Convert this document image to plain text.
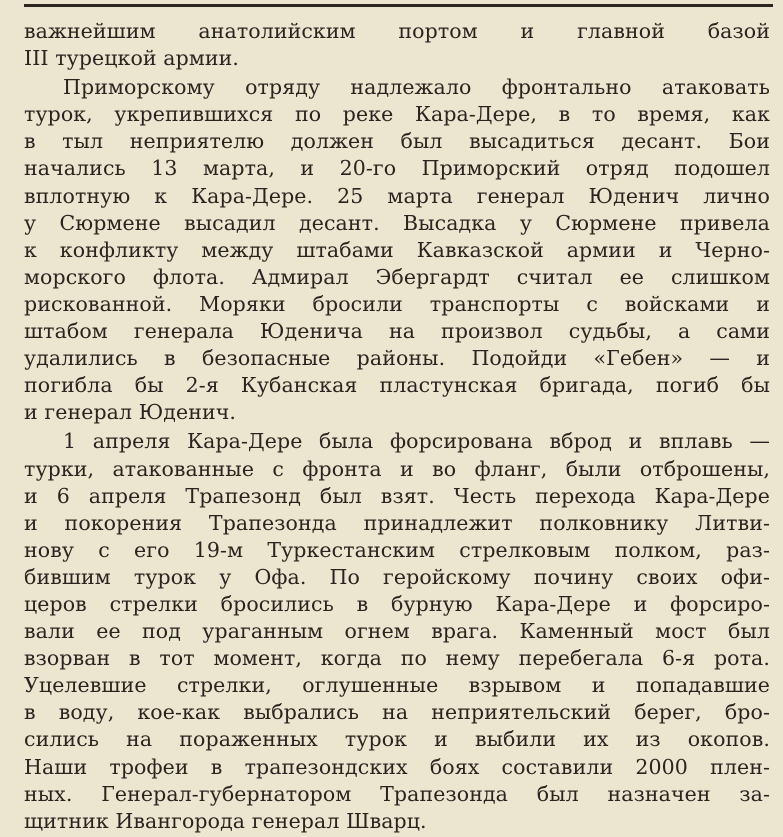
важнейшим анатолийским портом и главной базой
III турецкой армии.
Приморскому отряду надлежало фронтально атаковать
турок, укрепившихся по реке Кара-Дере, в то время, как
в тыл неприятелю должен был высадиться десант. Бои
начались 13 марта, и 20-го Приморский отряд подошел
вплотную к Кара-Дере. 25 марта генерал Юденич лично
у Сюрмене высадил десант. Высадка у Сюрмене привела
к конфликту между штабами Кавказской армии и Черно-
морского флота. Адмирал Эбергардт считал ее слишком
рискованной. Моряки бросили транспорты с войсками и
штабом генерала Юденича на произвол судьбы, а сами
удалились в безопасные районы. Подойди «Гебен» — и
погибла бы 2-я Кубанская пластунская бригада, погиб бы
и генерал Юденич.
1 апреля Кара-Дере была форсирована вброд и вплавь —
турки, атакованные с фронта и во фланг, были отброшены,
и 6 апреля Трапезонд был взят. Честь перехода Кара-Дере
и покорения Трапезонда принадлежит полковнику Литви-
нову с его 19-м Туркестанским стрелковым полком, раз-
бившим турок у Офа. По геройскому почину своих офи-
церов стрелки бросились в бурную Кара-Дере и форсиро-
вали ее под ураганным огнем врага. Каменный мост был
взорван в тот момент, когда по нему перебегала 6-я рота.
Уцелевшие стрелки, оглушенные взрывом и попадавшие
в воду, кое-как выбрались на неприятельский берег, бро-
сились на пораженных турок и выбили их из окопов.
Наши трофеи в трапезондских боях составили 2000 плен-
ных. Генерал-губернатором Трапезонда был назначен за-
щитник Ивангорода генерал Шварц.
